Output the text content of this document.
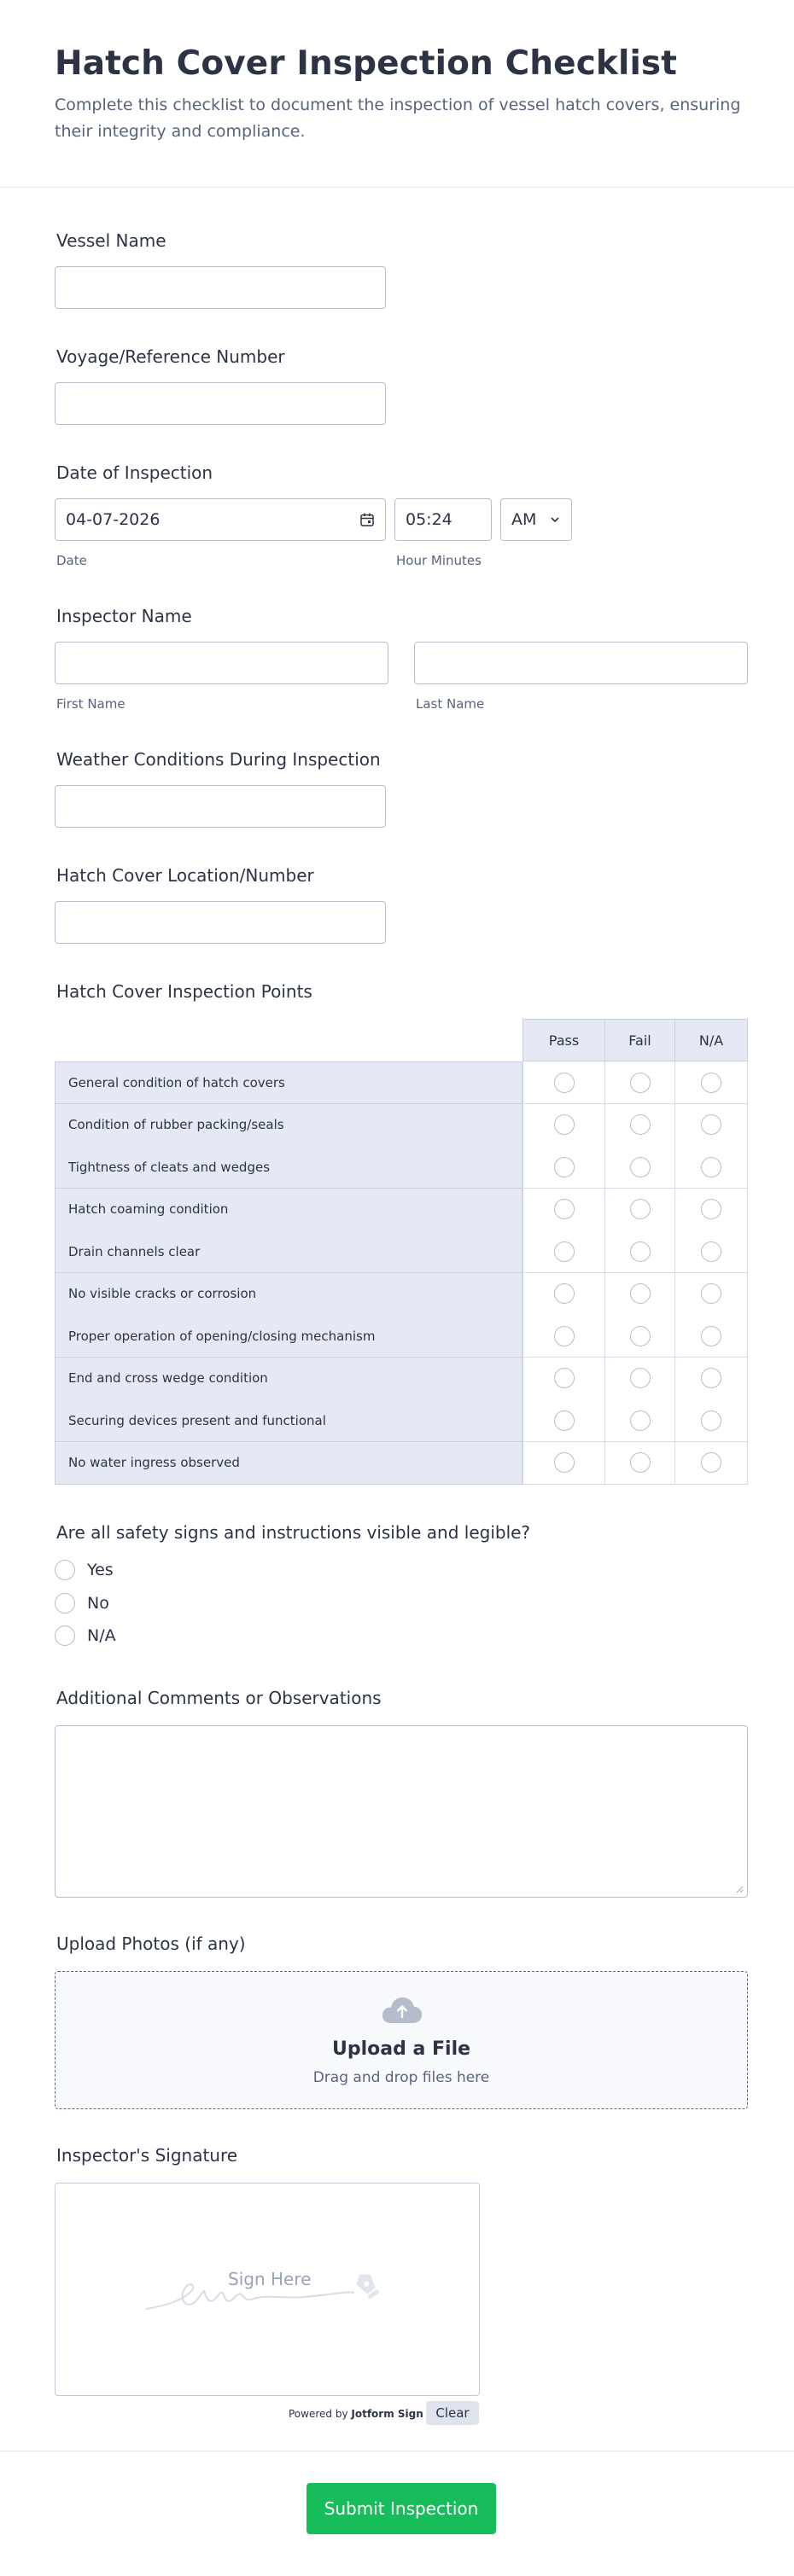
Hatch Cover Inspection Checklist

Complete this checklist to document the inspection of vessel hatch covers, ensuring their integrity and compliance.

Vessel Name
Voyage/Reference Number
Date of Inspection
04-07-2026	05:24	AM
Date	Hour Minutes
Inspector Name
First Name	Last Name
Weather Conditions During Inspection
Hatch Cover Location/Number
Hatch Cover Inspection Points
Pass	Fail	N/A
General condition of hatch covers
Condition of rubber packing/seals
Tightness of cleats and wedges
Hatch coaming condition
Drain channels clear
No visible cracks or corrosion
Proper operation of opening/closing mechanism
End and cross wedge condition
Securing devices present and functional
No water ingress observed
Are all safety signs and instructions visible and legible?
Yes
No
N/A
Additional Comments or Observations
Upload Photos (if any)
Upload a File
Drag and drop files here
Inspector's Signature
Sign Here
Powered by Jotform Sign Clear
Submit Inspection
